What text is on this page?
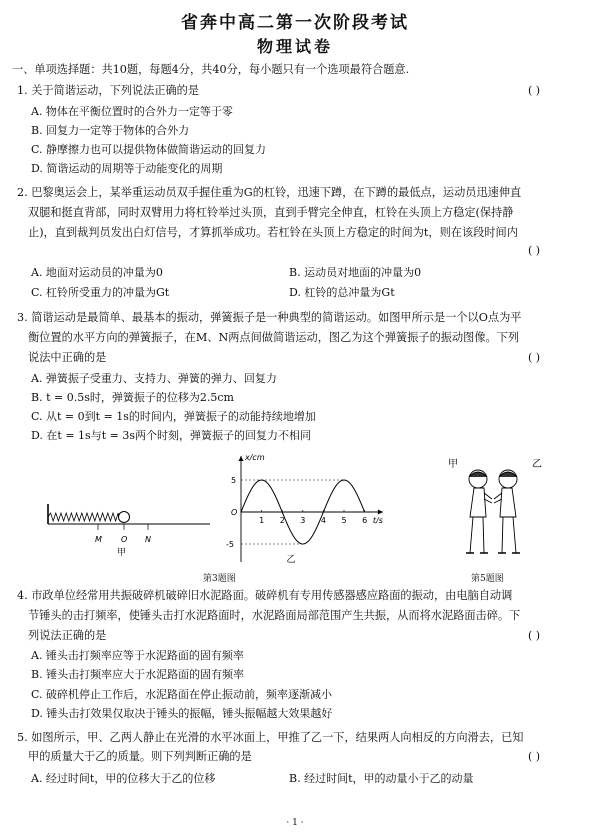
省奔中高二第一次阶段考试
物理试卷
一、单项选择题：共10题，每题4分，共40分，每小题只有一个选项最符合题意.
1. 关于简谐运动，下列说法正确的是	( )
A. 物体在平衡位置时的合外力一定等于零
B. 回复力一定等于物体的合外力
C. 静摩擦力也可以提供物体做简谐运动的回复力
D. 简谐运动的周期等于动能变化的周期
2. 巴黎奥运会上，某举重运动员双手握住重为G的杠铃，迅速下蹲，在下蹲的最低点，运动员迅速伸直
双腿和挺直背部，同时双臂用力将杠铃举过头顶，直到手臂完全伸直，杠铃在头顶上方稳定(保持静
止)，直到裁判员发出白灯信号，才算抓举成功。若杠铃在头顶上方稳定的时间为t，则在该段时间内
( )
A. 地面对运动员的冲量为0	B. 运动员对地面的冲量为0
C. 杠铃所受重力的冲量为Gt	D. 杠铃的总冲量为Gt
3. 简谐运动是最简单、最基本的振动，弹簧振子是一种典型的简谐运动。如图甲所示是一个以O点为平
衡位置的水平方向的弹簧振子，在M、N两点间做简谐运动，图乙为这个弹簧振子的振动图像。下列
说法中正确的是	( )
A. 弹簧振子受重力、支持力、弹簧的弹力、回复力
B. t = 0.5s时，弹簧振子的位移为2.5cm
C. 从t = 0到t = 1s的时间内，弹簧振子的动能持续地增加
D. 在t = 1s与t = 3s两个时刻，弹簧振子的回复力不相同
M O N
甲
x/cm
t/s
5
O
-5
1 2 3 4 5 6
乙
甲	乙
第3题图	第5题图
4. 市政单位经常用共振破碎机破碎旧水泥路面。破碎机有专用传感器感应路面的振动，由电脑自动调
节锤头的击打频率，使锤头击打水泥路面时，水泥路面局部范围产生共振，从而将水泥路面击碎。下
列说法正确的是	( )
A. 锤头击打频率应等于水泥路面的固有频率
B. 锤头击打频率应大于水泥路面的固有频率
C. 破碎机停止工作后，水泥路面在停止振动前，频率逐渐减小
D. 锤头击打效果仅取决于锤头的振幅，锤头振幅越大效果越好
5. 如图所示，甲、乙两人静止在光滑的水平冰面上，甲推了乙一下，结果两人向相反的方向滑去，已知
甲的质量大于乙的质量。则下列判断正确的是	( )
A. 经过时间t，甲的位移大于乙的位移	B. 经过时间t，甲的动量小于乙的动量
· 1 ·
